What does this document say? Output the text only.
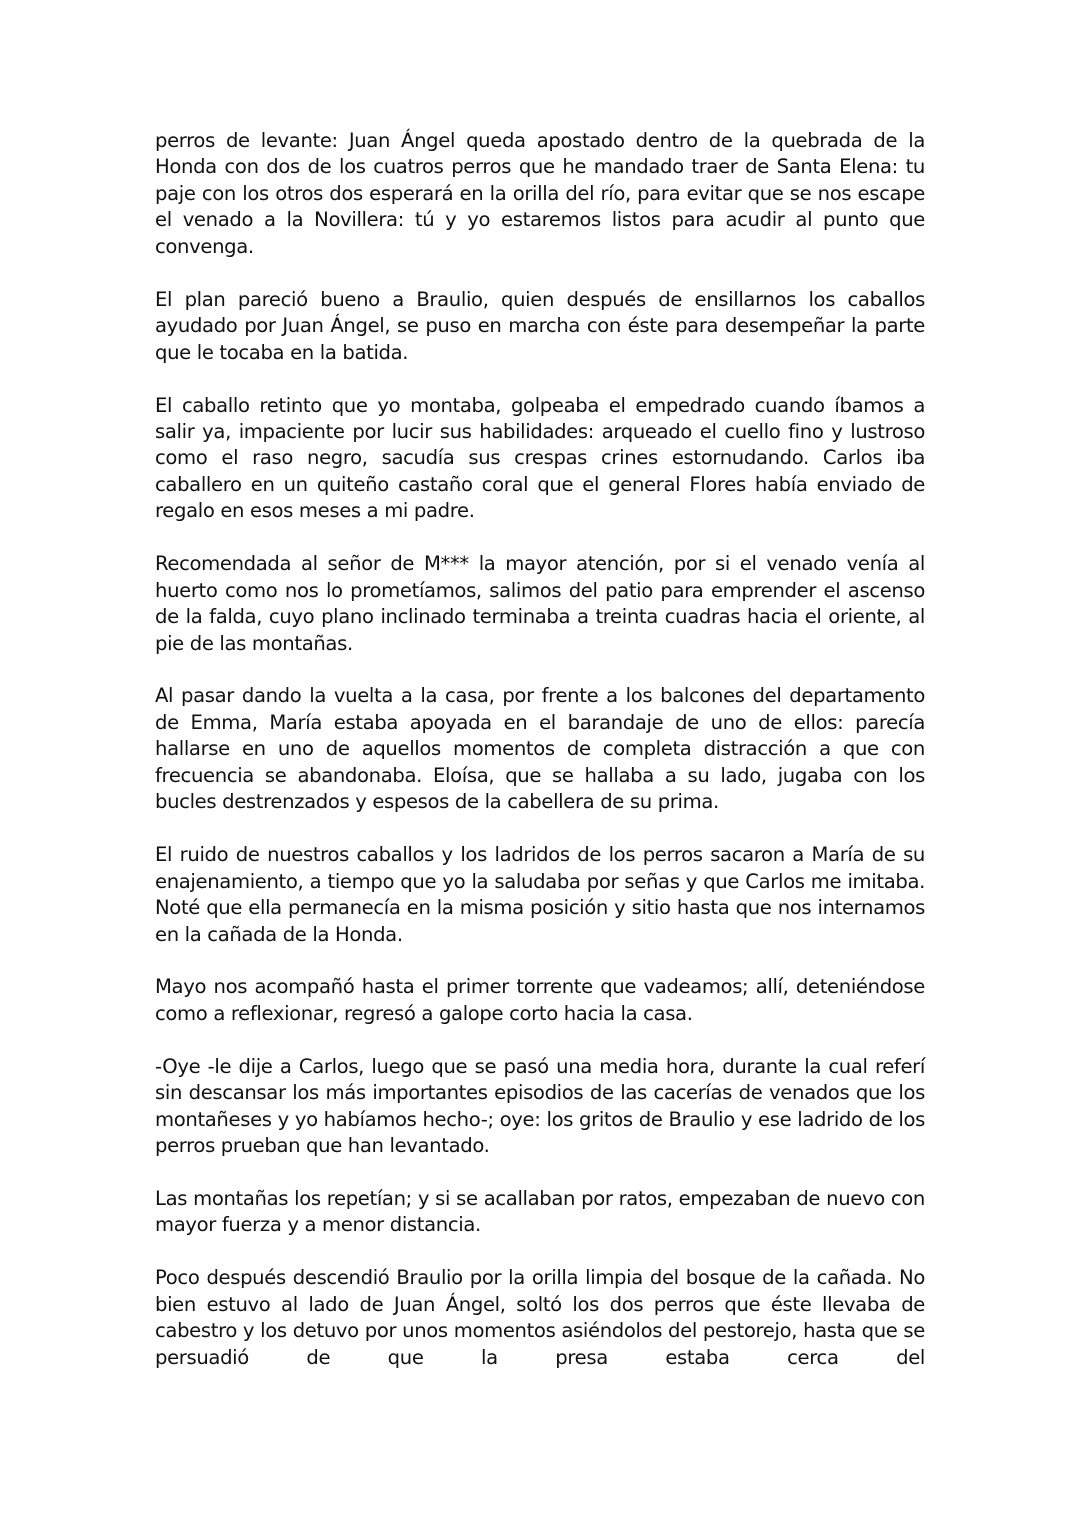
perros de levante: Juan Ángel queda apostado dentro de la quebrada de la Honda con dos de los cuatros perros que he mandado traer de Santa Elena: tu paje con los otros dos esperará en la orilla del río, para evitar que se nos escape el venado a la Novillera: tú y yo estaremos listos para acudir al punto que convenga.

El plan pareció bueno a Braulio, quien después de ensillarnos los caballos ayudado por Juan Ángel, se puso en marcha con éste para desempeñar la parte que le tocaba en la batida.

El caballo retinto que yo montaba, golpeaba el empedrado cuando íbamos a salir ya, impaciente por lucir sus habilidades: arqueado el cuello fino y lustroso como el raso negro, sacudía sus crespas crines estornudando. Carlos iba caballero en un quiteño castaño coral que el general Flores había enviado de regalo en esos meses a mi padre.

Recomendada al señor de M*** la mayor atención, por si el venado venía al huerto como nos lo prometíamos, salimos del patio para emprender el ascenso de la falda, cuyo plano inclinado terminaba a treinta cuadras hacia el oriente, al pie de las montañas.

Al pasar dando la vuelta a la casa, por frente a los balcones del departamento de Emma, María estaba apoyada en el barandaje de uno de ellos: parecía hallarse en uno de aquellos momentos de completa distracción a que con frecuencia se abandonaba. Eloísa, que se hallaba a su lado, jugaba con los bucles destrenzados y espesos de la cabellera de su prima.

El ruido de nuestros caballos y los ladridos de los perros sacaron a María de su enajenamiento, a tiempo que yo la saludaba por señas y que Carlos me imitaba. Noté que ella permanecía en la misma posición y sitio hasta que nos internamos en la cañada de la Honda.

Mayo nos acompañó hasta el primer torrente que vadeamos; allí, deteniéndose como a reflexionar, regresó a galope corto hacia la casa.

-Oye -le dije a Carlos, luego que se pasó una media hora, durante la cual referí sin descansar los más importantes episodios de las cacerías de venados que los montañeses y yo habíamos hecho-; oye: los gritos de Braulio y ese ladrido de los perros prueban que han levantado.

Las montañas los repetían; y si se acallaban por ratos, empezaban de nuevo con mayor fuerza y a menor distancia.

Poco después descendió Braulio por la orilla limpia del bosque de la cañada. No bien estuvo al lado de Juan Ángel, soltó los dos perros que éste llevaba de cabestro y los detuvo por unos momentos asiéndolos del pestorejo, hasta que se persuadió de que la presa estaba cerca del
